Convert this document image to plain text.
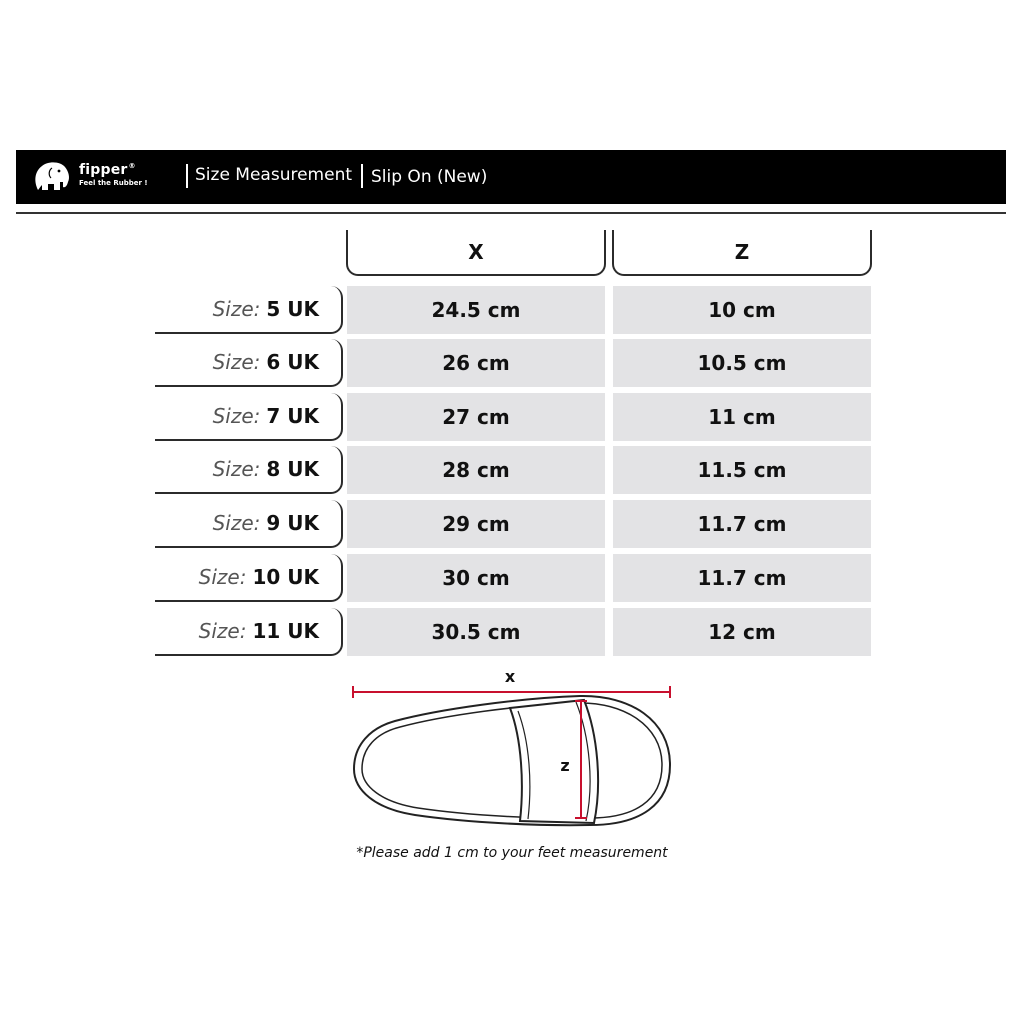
fipper®
Feel the Rubber !	Size Measurement Slip On (New)
X	Z
Size: 5 UK	24.5 cm	10 cm
Size: 6 UK	26 cm	10.5 cm
Size: 7 UK	27 cm	11 cm
Size: 8 UK	28 cm	11.5 cm
Size: 9 UK	29 cm	11.7 cm
Size: 10 UK	30 cm	11.7 cm
Size: 11 UK	30.5 cm	12 cm
x
z
*Please add 1 cm to your feet measurement
